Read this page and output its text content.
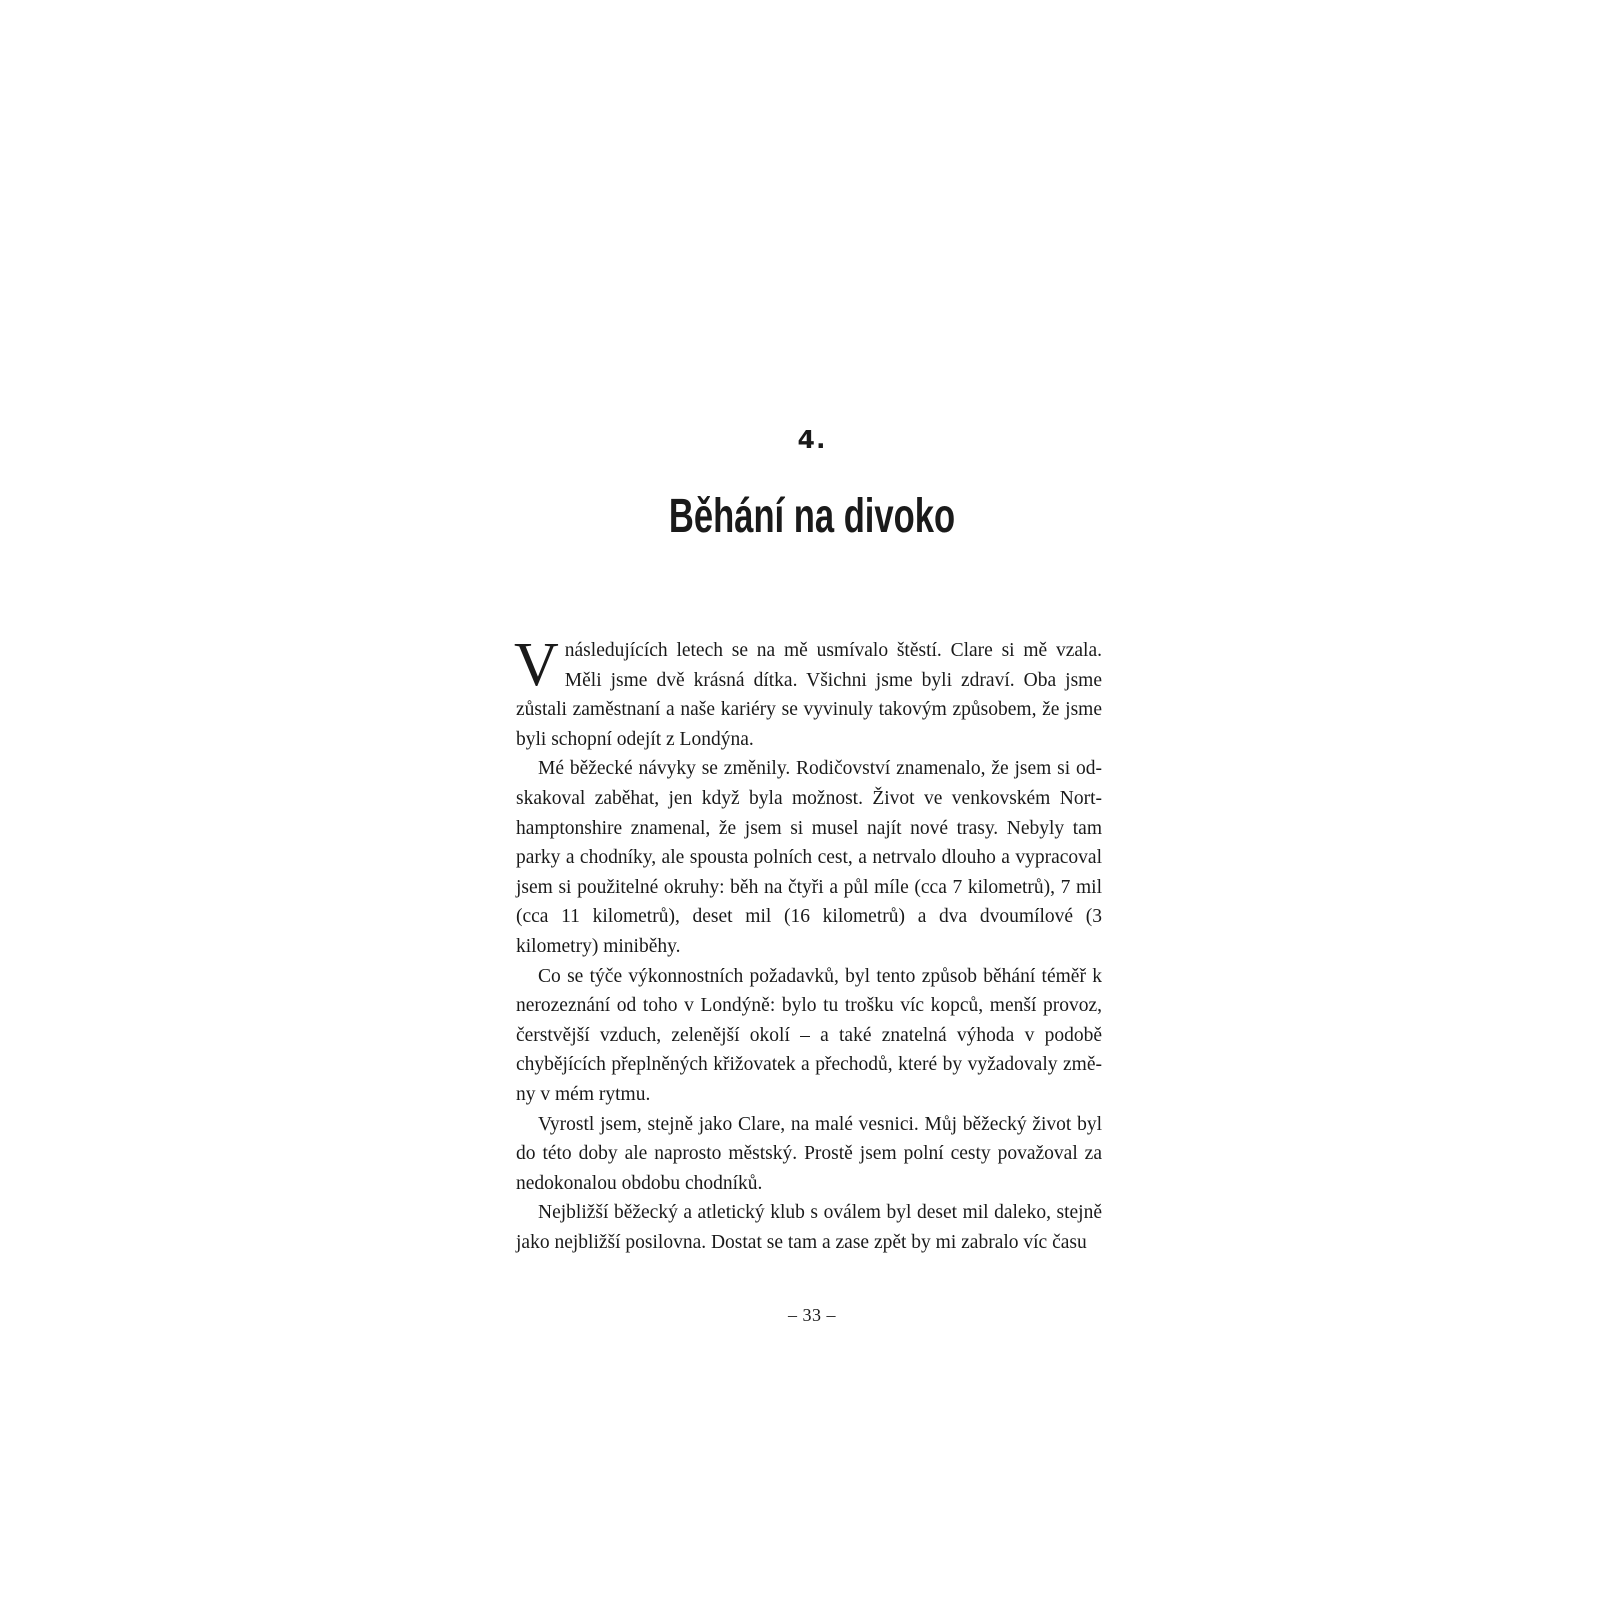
4.
Běhání na divoko

Vnásledujících letech se na mě usmívalo štěstí. Clare si mě vzala. Měli jsme dvě krásná dítka. Všichni jsme byli zdraví. Oba jsme zůstali zaměstnaní a naše kariéry se vyvinuly takovým způsobem, že jsme byli schopní odejít z Londýna.

Mé běžecké návyky se změnily. Rodičovství znamenalo, že jsem si odskakoval zaběhat, jen když byla možnost. Život ve venkovském Northamptonshire znamenal, že jsem si musel najít nové trasy. Nebyly tam parky a chodníky, ale spousta polních cest, a netrvalo dlouho a vypracoval jsem si použitelné okruhy: běh na čtyři a půl míle (cca 7 kilometrů), 7 mil (cca 11 kilometrů), deset mil (16 kilometrů) a dva dvoumílové (3 kilometry) miniběhy.

Co se týče výkonnostních požadavků, byl tento způsob běhání téměř k nerozeznání od toho v Londýně: bylo tu trošku víc kopců, menší provoz, čerstvější vzduch, zelenější okolí – a také znatelná výhoda v podobě chybějících přeplněných křižovatek a přechodů, které by vyžadovaly změny v mém rytmu.

Vyrostl jsem, stejně jako Clare, na malé vesnici. Můj běžecký život byl do této doby ale naprosto městský. Prostě jsem polní cesty považoval za nedokonalou obdobu chodníků.

Nejbližší běžecký a atletický klub s oválem byl deset mil daleko, stejně jako nejbližší posilovna. Dostat se tam a zase zpět by mi zabralo víc času

– 33 –
